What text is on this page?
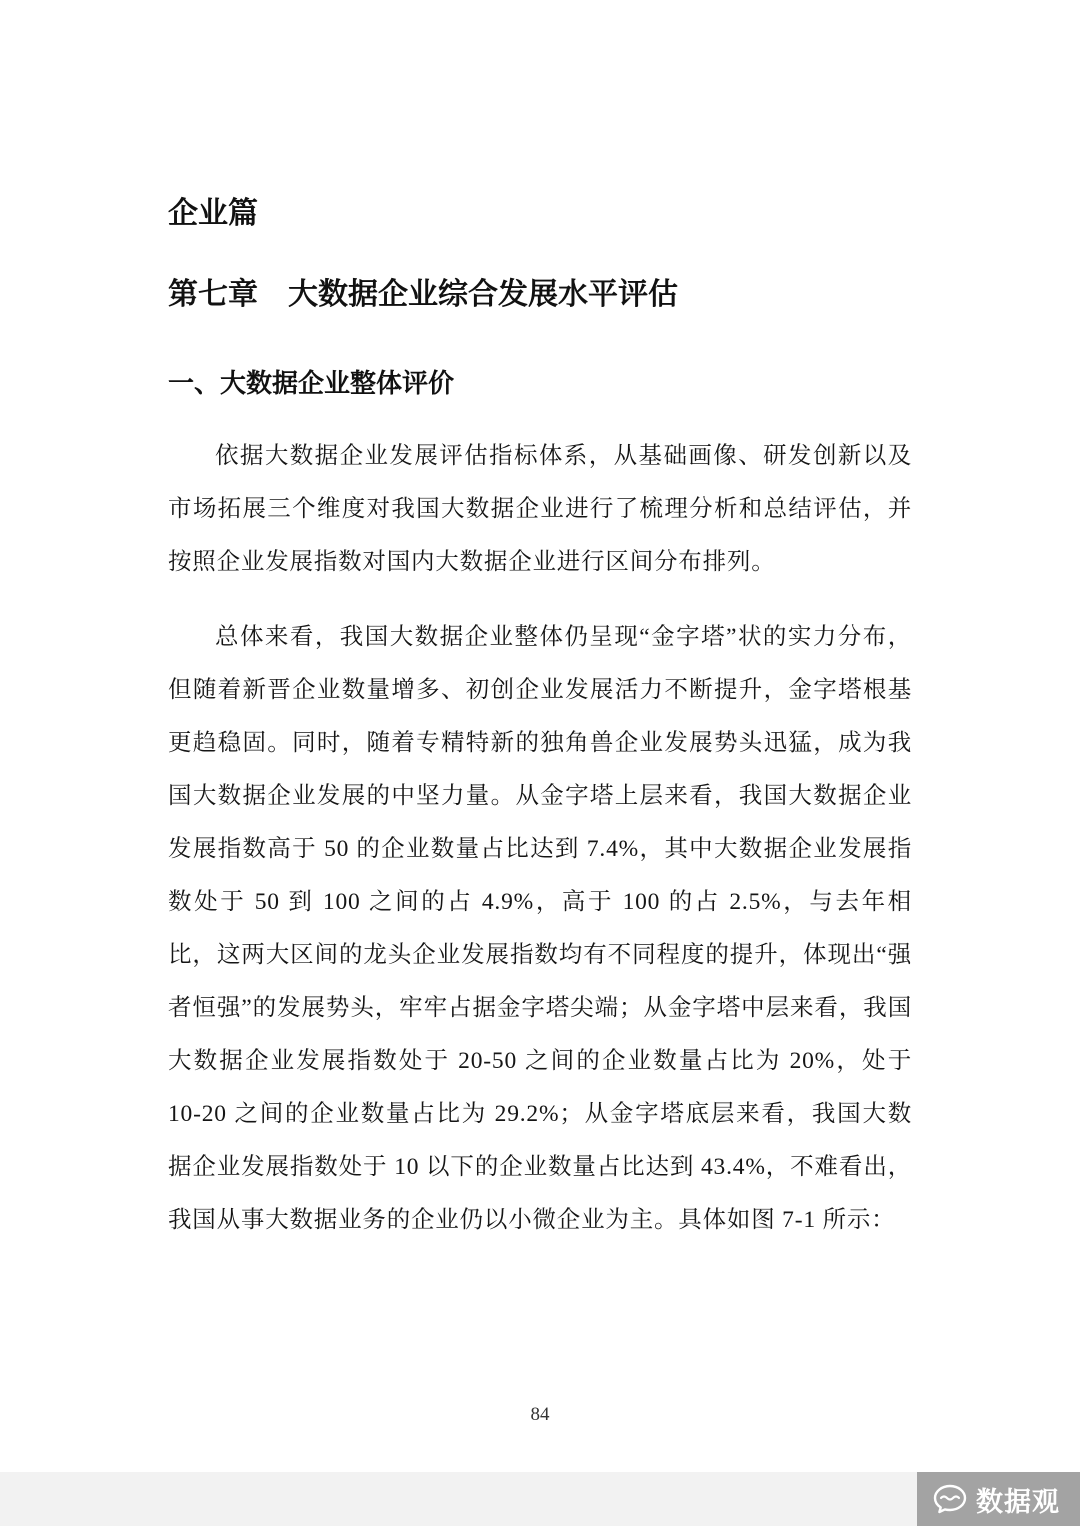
企业篇
第七章　大数据企业综合发展水平评估
一、大数据企业整体评价

依据大数据企业发展评估指标体系，从基础画像、研发创新以及市场拓展三个维度对我国大数据企业进行了梳理分析和总结评估，并按照企业发展指数对国内大数据企业进行区间分布排列。

总体来看，我国大数据企业整体仍呈现“金字塔”状的实力分布，但随着新晋企业数量增多、初创企业发展活力不断提升，金字塔根基更趋稳固。同时，随着专精特新的独角兽企业发展势头迅猛，成为我国大数据企业发展的中坚力量。从金字塔上层来看，我国大数据企业发展指数高于 50 的企业数量占比达到 7.4%，其中大数据企业发展指数处于 50 到 100 之间的占 4.9%，高于 100 的占 2.5%，与去年相比，这两大区间的龙头企业发展指数均有不同程度的提升，体现出“强者恒强”的发展势头，牢牢占据金字塔尖端；从金字塔中层来看，我国大数据企业发展指数处于 20-50 之间的企业数量占比为 20%，处于 10-20 之间的企业数量占比为 29.2%；从金字塔底层来看，我国大数据企业发展指数处于 10 以下的企业数量占比达到 43.4%，不难看出，我国从事大数据业务的企业仍以小微企业为主。具体如图 7-1 所示：

84
数据观
